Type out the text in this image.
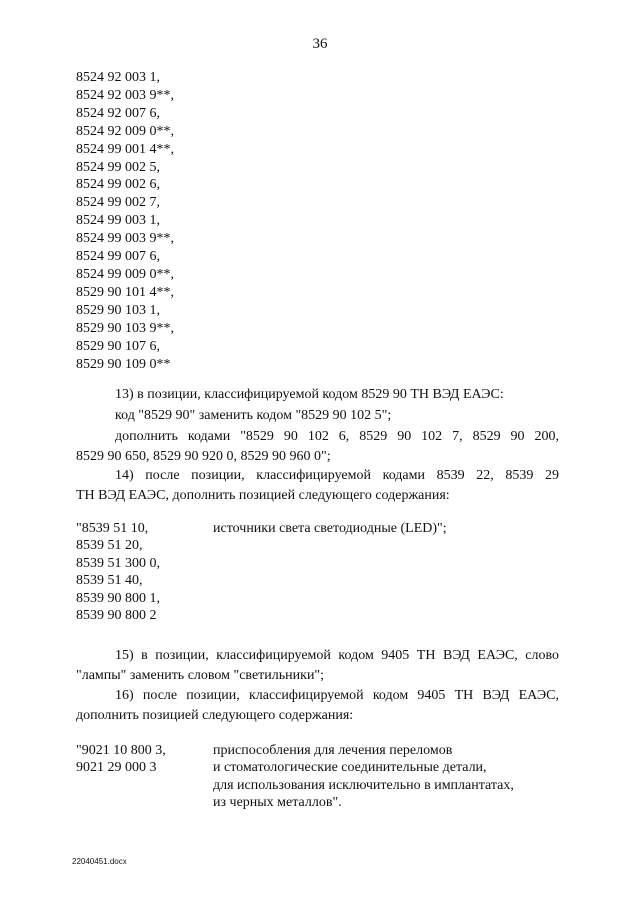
36
8524 92 003 1,
8524 92 003 9**,
8524 92 007 6,
8524 92 009 0**,
8524 99 001 4**,
8524 99 002 5,
8524 99 002 6,
8524 99 002 7,
8524 99 003 1,
8524 99 003 9**,
8524 99 007 6,
8524 99 009 0**,
8529 90 101 4**,
8529 90 103 1,
8529 90 103 9**,
8529 90 107 6,
8529 90 109 0**

13) в позиции, классифицируемой кодом 8529 90 ТН ВЭД ЕАЭС:

код "8529 90" заменить кодом "8529 90 102 5";

дополнить кодами "8529 90 102 6, 8529 90 102 7, 8529 90 200,

8529 90 650, 8529 90 920 0, 8529 90 960 0";

14) после позиции, классифицируемой кодами 8539 22, 8539 29

ТН ВЭД ЕАЭС, дополнить позицией следующего содержания:

"8539 51 10,
8539 51 20,
8539 51 300 0,
8539 51 40,
8539 90 800 1,
8539 90 800 2
источники света светодиодные (LED)";

15) в позиции, классифицируемой кодом 9405 ТН ВЭД ЕАЭС, слово

"лампы" заменить словом "светильники";

16) после позиции, классифицируемой кодом 9405 ТН ВЭД ЕАЭС,

дополнить позицией следующего содержания:

"9021 10 800 3,
9021 29 000 3
приспособления для лечения переломов
и стоматологические соединительные детали,
для использования исключительно в имплантатах,
из черных металлов".
22040451.docx
